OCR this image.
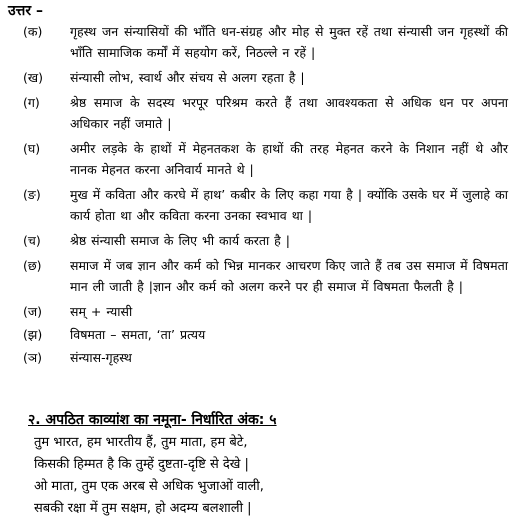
उत्तर –
(क)	गृहस्थ जन संन्यासियों की भाँति धन-संग्रह और मोह से मुक्त रहें तथा संन्यासी जन गृहस्थों की भाँति सामाजिक कर्मों में सहयोग करें, निठल्ले न रहें |
(ख)	संन्यासी लोभ, स्वार्थ और संचय से अलग रहता है |
(ग)	श्रेष्ठ समाज के सदस्य भरपूर परिश्रम करते हैं तथा आवश्यकता से अधिक धन पर अपना अधिकार नहीं जमाते |
(घ)	अमीर लड़के के हाथों में मेहनतकश के हाथों की तरह मेहनत करने के निशान नहीं थे और नानक मेहनत करना अनिवार्य मानते थे |
(ङ)	मुख में कविता और करघे में हाथ’ कबीर के लिए कहा गया है | क्योंकि उसके घर में जुलाहे का कार्य होता था और कविता करना उनका स्वभाव था |
(च)	श्रेष्ठ संन्यासी समाज के लिए भी कार्य करता है |
(छ)	समाज में जब ज्ञान और कर्म को भिन्न मानकर आचरण किए जाते हैं तब उस समाज में विषमता मान ली जाती है |ज्ञान और कर्म को अलग करने पर ही समाज में विषमता फैलती है |
(ज)	सम् + न्यासी
(झ)	विषमता – समता, ‘ता’ प्रत्यय
(ञ)	संन्यास-गृहस्थ
२. अपठित काव्यांश का नमूना- निर्धारित अंक: ५
तुम भारत, हम भारतीय हैं, तुम माता, हम बेटे,
किसकी हिम्मत है कि तुम्हें दुष्टता-दृष्टि से देखे |
ओ माता, तुम एक अरब से अधिक भुजाओं वाली,
सबकी रक्षा में तुम सक्षम, हो अदम्य बलशाली |
